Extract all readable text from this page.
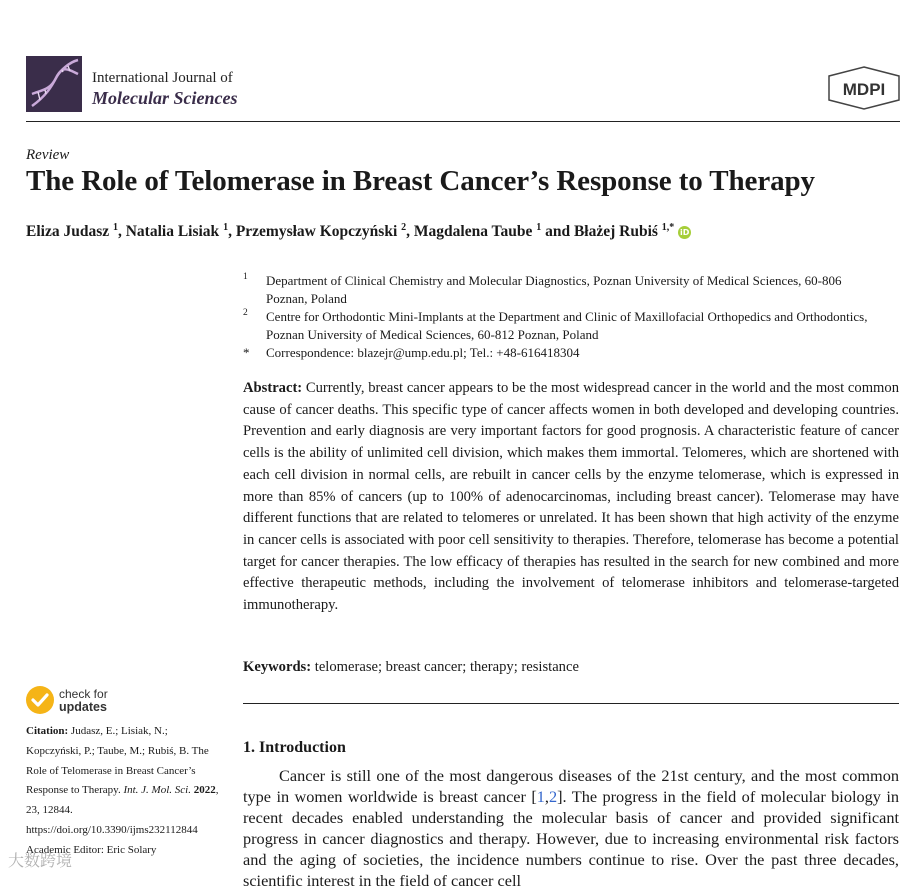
International Journal of
Molecular Sciences	MDPI
Review
The Role of Telomerase in Breast Cancer’s Response to Therapy
Eliza Judasz $^1$, Natalia Lisiak $^1$, Przemysław Kopczyński $^2$, Magdalena Taube $^1$ and Błażej Rubiś $^{1,*}$ iD
1 Department of Clinical Chemistry and Molecular Diagnostics, Poznan University of Medical Sciences, 60-806 Poznan, Poland
2 Centre for Orthodontic Mini-Implants at the Department and Clinic of Maxillofacial Orthopedics and Orthodontics, Poznan University of Medical Sciences, 60-812 Poznan, Poland
* Correspondence: blazejr@ump.edu.pl; Tel.: +48-616418304
Abstract: Currently, breast cancer appears to be the most widespread cancer in the world and the most common cause of cancer deaths. This specific type of cancer affects women in both developed and developing countries. Prevention and early diagnosis are very important factors for good prognosis. A characteristic feature of cancer cells is the ability of unlimited cell division, which makes them immortal. Telomeres, which are shortened with each cell division in normal cells, are rebuilt in cancer cells by the enzyme telomerase, which is expressed in more than 85% of cancers (up to 100% of adenocarcinomas, including breast cancer). Telomerase may have different functions that are related to telomeres or unrelated. It has been shown that high activity of the enzyme in cancer cells is associated with poor cell sensitivity to therapies. Therefore, telomerase has become a potential target for cancer therapies. The low efficacy of therapies has resulted in the search for new combined and more effective therapeutic methods, including the involvement of telomerase inhibitors and telomerase-targeted immunotherapy.
Keywords: telomerase; breast cancer; therapy; resistance
1. Introduction
Cancer is still one of the most dangerous diseases of the 21st century, and the most common type in women worldwide is breast cancer [1,2]. The progress in the field of molecular biology in recent decades enabled understanding the molecular basis of cancer and provided significant progress in cancer diagnostics and therapy. However, due to increasing environmental risk factors and the aging of societies, the incidence numbers continue to rise. Over the past three decades, scientific interest in the field of cancer cell
check for
updates
Citation: Judasz, E.; Lisiak, N.; Kopczyński, P.; Taube, M.; Rubiś, B. The Role of Telomerase in Breast Cancer’s Response to Therapy. Int. J. Mol. Sci. 2022, 23, 12844. https://doi.org/10.3390/ijms232112844
Academic Editor: Eric Solary
大数跨境
